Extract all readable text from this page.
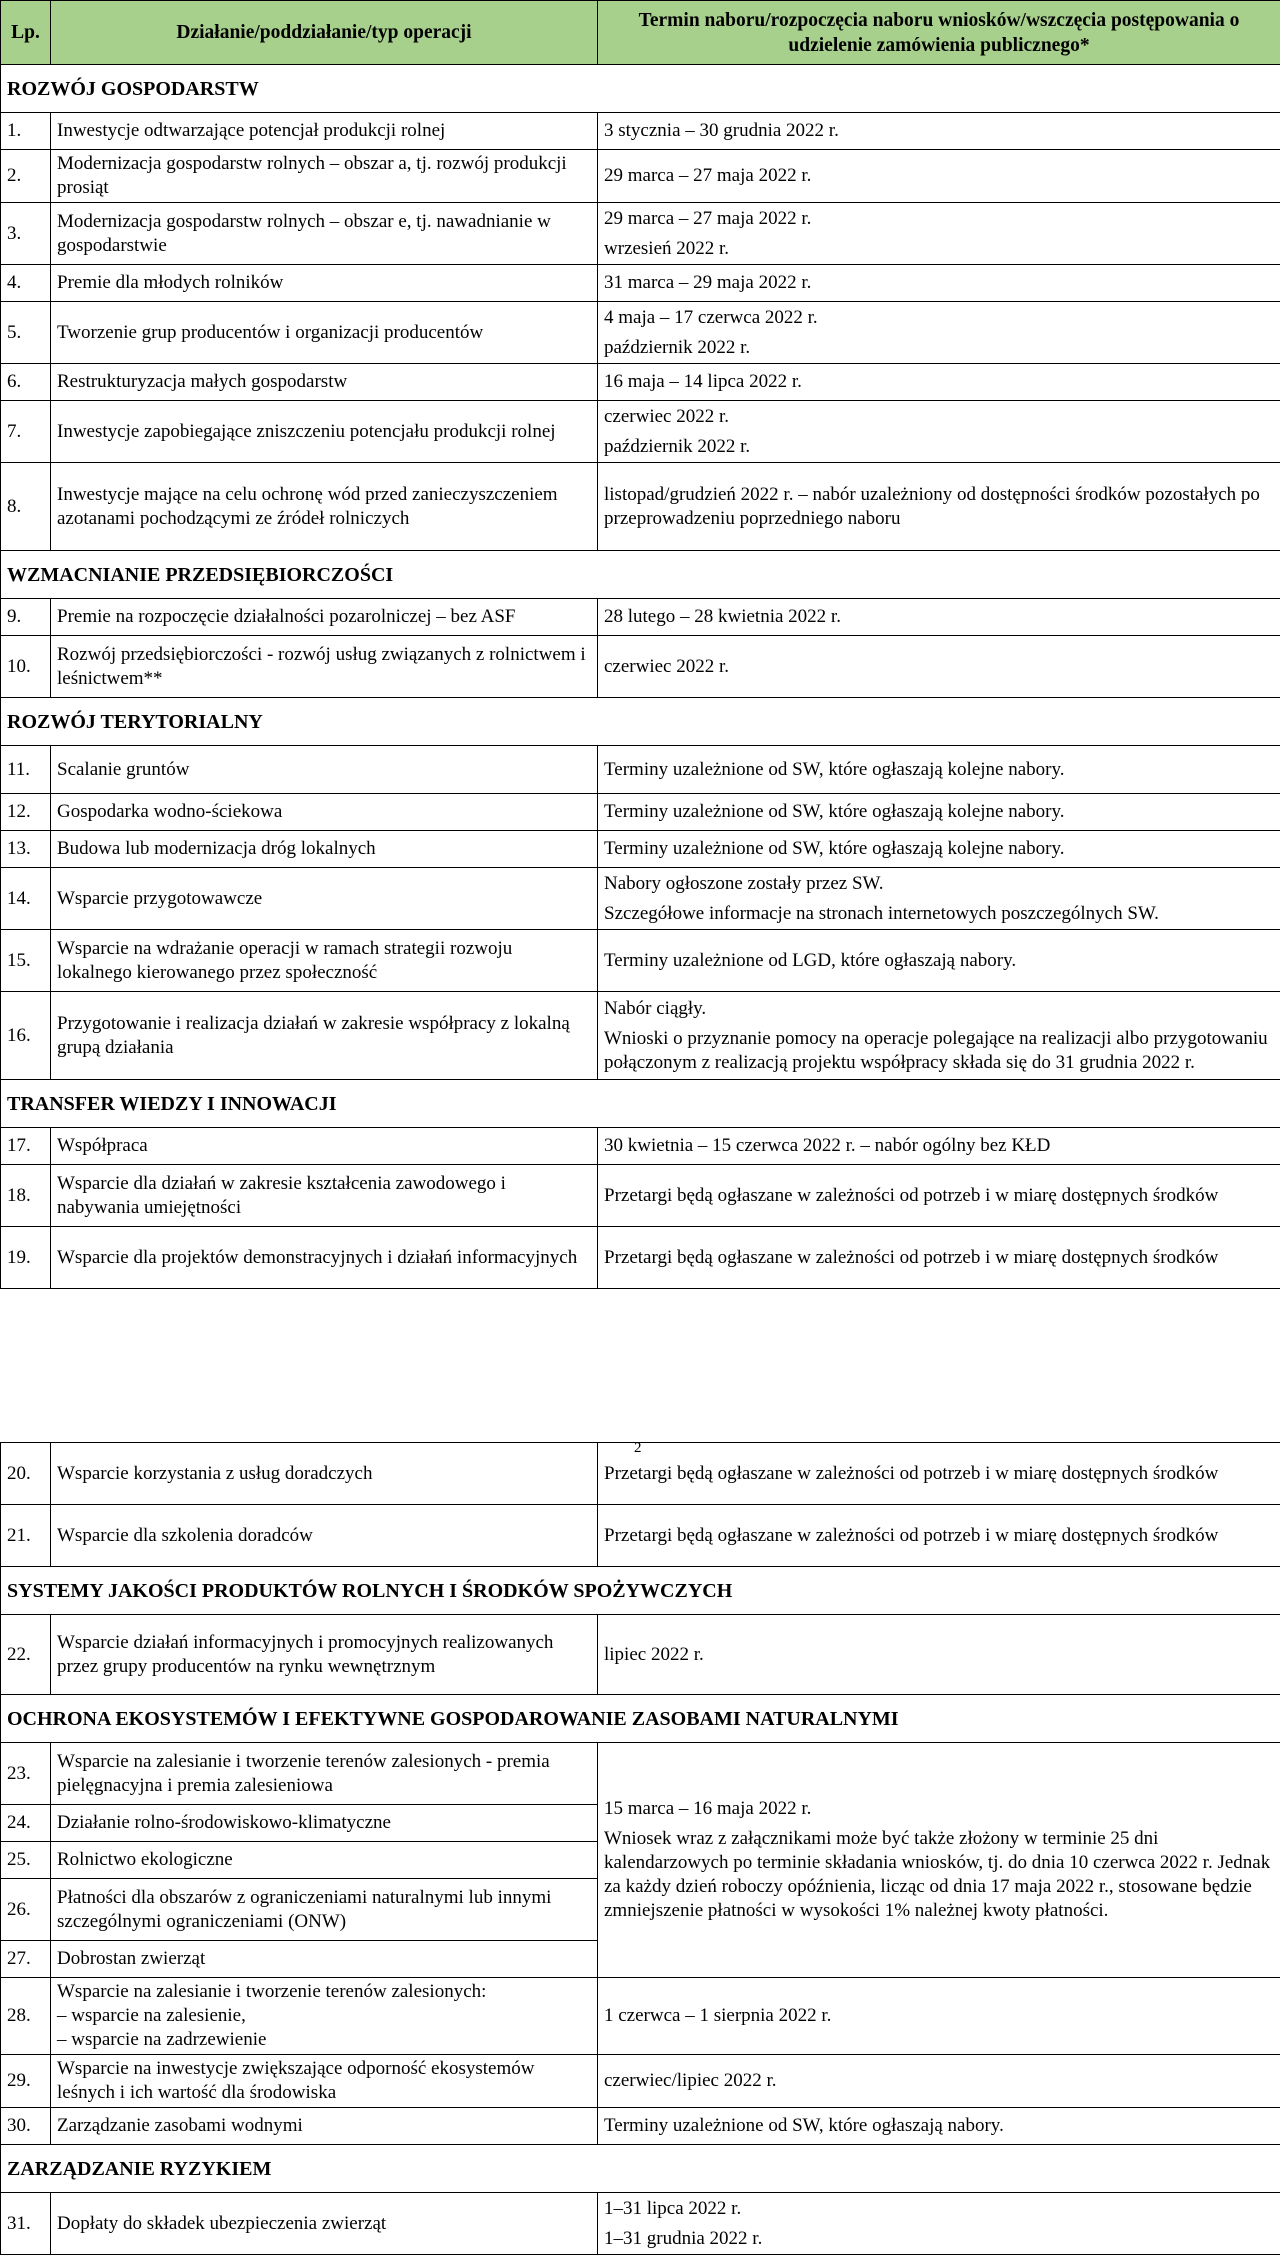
Lp.	Działanie/poddziałanie/typ operacji	Termin naboru/rozpoczęcia naboru wniosków/wszczęcia postępowania o udzielenie zamówienia publicznego*
ROZWÓJ GOSPODARSTW		
1.	Inwestycje odtwarzające potencjał produkcji rolnej	3 stycznia – 30 grudnia 2022 r.

2.	Modernizacja gospodarstw rolnych – obszar a, tj. rozwój produkcji prosiąt	29 marca – 27 maja 2022 r.

3.	Modernizacja gospodarstw rolnych – obszar e, tj. nawadnianie w gospodarstwie	29 marca – 27 maja 2022 r.
wrzesień 2022 r.

4.	Premie dla młodych rolników	31 marca – 29 maja 2022 r.

5.	Tworzenie grup producentów i organizacji producentów	4 maja – 17 czerwca 2022 r.
październik 2022 r.

6.	Restrukturyzacja małych gospodarstw	16 maja – 14 lipca 2022 r.

7.	Inwestycje zapobiegające zniszczeniu potencjału produkcji rolnej	czerwiec 2022 r.
październik 2022 r.

8.	Inwestycje mające na celu ochronę wód przed zanieczyszczeniem azotanami pochodzącymi ze źródeł rolniczych	listopad/grudzień 2022 r. – nabór uzależniony od dostępności środków pozostałych po przeprowadzeniu poprzedniego naboru

WZMACNIANIE PRZEDSIĘBIORCZOŚCI		
9.	Premie na rozpoczęcie działalności pozarolniczej – bez ASF	28 lutego – 28 kwietnia 2022 r.

10.	Rozwój przedsiębiorczości - rozwój usług związanych z rolnictwem i leśnictwem**	czerwiec 2022 r.

ROZWÓJ TERYTORIALNY		
11.	Scalanie gruntów	Terminy uzależnione od SW, które ogłaszają kolejne nabory.

12.	Gospodarka wodno-ściekowa	Terminy uzależnione od SW, które ogłaszają kolejne nabory.

13.	Budowa lub modernizacja dróg lokalnych	Terminy uzależnione od SW, które ogłaszają kolejne nabory.

14.	Wsparcie przygotowawcze	Nabory ogłoszone zostały przez SW.
Szczegółowe informacje na stronach internetowych poszczególnych SW.

15.	Wsparcie na wdrażanie operacji w ramach strategii rozwoju lokalnego kierowanego przez społeczność	Terminy uzależnione od LGD, które ogłaszają nabory.

16.	Przygotowanie i realizacja działań w zakresie współpracy z lokalną grupą działania	Nabór ciągły.
Wnioski o przyznanie pomocy na operacje polegające na realizacji albo przygotowaniu połączonym z realizacją projektu współpracy składa się do 31 grudnia 2022 r.

TRANSFER WIEDZY I INNOWACJI		
17.	Współpraca	30 kwietnia – 15 czerwca 2022 r. – nabór ogólny bez KŁD

18.	Wsparcie dla działań w zakresie kształcenia zawodowego i nabywania umiejętności	Przetargi będą ogłaszane w zależności od potrzeb i w miarę dostępnych środków

19.	Wsparcie dla projektów demonstracyjnych i działań informacyjnych	Przetargi będą ogłaszane w zależności od potrzeb i w miarę dostępnych środków
2
20.	Wsparcie korzystania z usług doradczych	Przetargi będą ogłaszane w zależności od potrzeb i w miarę dostępnych środków

21.	Wsparcie dla szkolenia doradców	Przetargi będą ogłaszane w zależności od potrzeb i w miarę dostępnych środków

SYSTEMY JAKOŚCI PRODUKTÓW ROLNYCH I ŚRODKÓW SPOŻYWCZYCH		
22.	Wsparcie działań informacyjnych i promocyjnych realizowanych przez grupy producentów na rynku wewnętrznym	lipiec 2022 r.

OCHRONA EKOSYSTEMÓW I EFEKTYWNE GOSPODAROWANIE ZASOBAMI NATURALNYMI		
23.	Wsparcie na zalesianie i tworzenie terenów zalesionych - premia pielęgnacyjna i premia zalesieniowa	15 marca – 16 maja 2022 r.
Wniosek wraz z załącznikami może być także złożony w terminie 25 dni kalendarzowych po terminie składania wniosków, tj. do dnia 10 czerwca 2022 r. Jednak za każdy dzień roboczy opóźnienia, licząc od dnia 17 maja 2022 r., stosowane będzie zmniejszenie płatności w wysokości 1% należnej kwoty płatności.

24.	Działanie rolno-środowiskowo-klimatyczne	

25.	Rolnictwo ekologiczne	

26.	Płatności dla obszarów z ograniczeniami naturalnymi lub innymi szczególnymi ograniczeniami (ONW)	

27.	Dobrostan zwierząt	

28.	Wsparcie na zalesianie i tworzenie terenów zalesionych:
– wsparcie na zalesienie,
– wsparcie na zadrzewienie	1 czerwca – 1 sierpnia 2022 r.

29.	Wsparcie na inwestycje zwiększające odporność ekosystemów leśnych i ich wartość dla środowiska	czerwiec/lipiec 2022 r.

30.	Zarządzanie zasobami wodnymi	Terminy uzależnione od SW, które ogłaszają nabory.

ZARZĄDZANIE RYZYKIEM		
31.	Dopłaty do składek ubezpieczenia zwierząt	1–31 lipca 2022 r.
1–31 grudnia 2022 r.
